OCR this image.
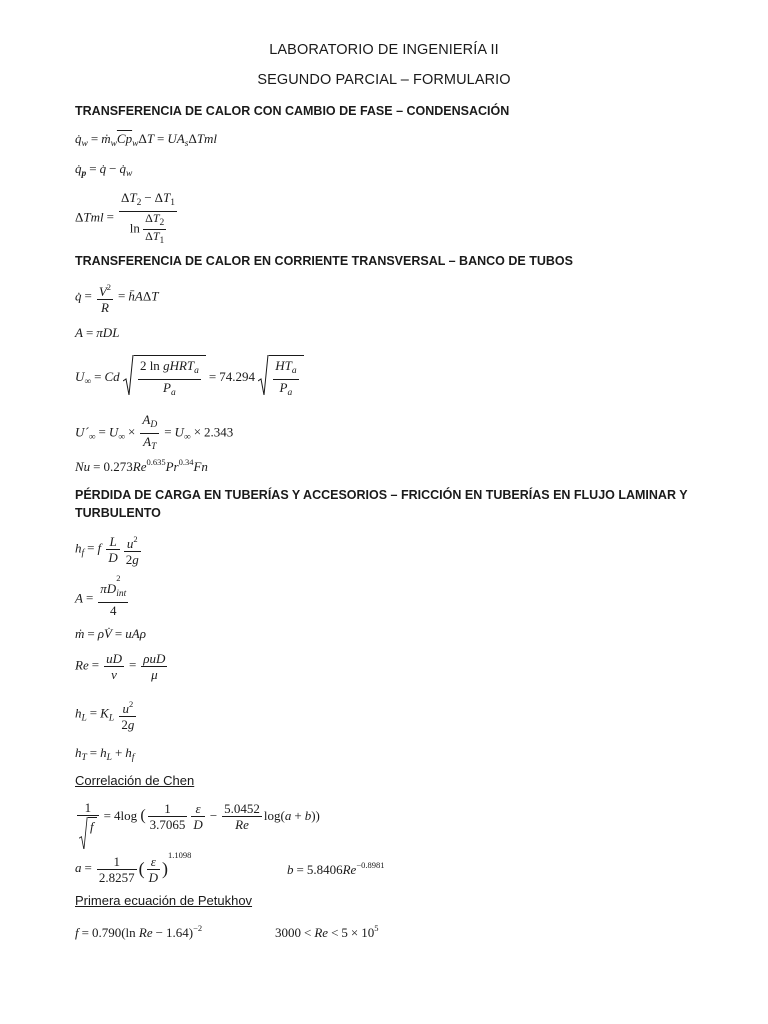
LABORATORIO DE INGENIERÍA II
SEGUNDO PARCIAL – FORMULARIO
TRANSFERENCIA DE CALOR CON CAMBIO DE FASE – CONDENSACIÓN
$q̇_w$ = $ṁ_w\overline{Cp}_w\Delta T = UA_s\Delta Tml$
$q̇_p$ = q̇ − $q̇_w$
$\Delta Tml = \frac{\Delta T_2 - \Delta T_1}{\ln \frac{\Delta T_2}{\Delta T_1}}$
TRANSFERENCIA DE CALOR EN CORRIENTE TRANSVERSAL – BANCO DE TUBOS
q̇ = $\frac{V^2}{R}$ = h̄AΔT
A = πDL
$U_\infty = Cd \frac{2 \ln gHRT_a}{P_a} = 74.294 \frac{HT_a}{P_a}$
$U´_\infty = U_\infty \times \frac{A_D}{A_T} = U_\infty \times 2.343$
$Nu = 0.273Re^{0.635}Pr^{0.34}Fn$
PÉRDIDA DE CARGA EN TUBERÍAS Y ACCESORIOS – FRICCIÓN EN TUBERÍAS EN FLUJO LAMINAR Y TURBULENTO
$h_f = f \frac{L}{D} \frac{u^2}{2g}$
A = πD
2
$_{int}$
4
ṁ = ρV̇ = uAρ
$Re = \frac{uD}{\nu} = \frac{\text{ρuD}}{\mu}$
$h_L = K_L \frac{u^2}{2g}$
$h_T = h_L + h_f$
Correlación de Chen
$\frac{1}{f} = 4\log$ ( $\frac{1}{3.7065} \frac{\varepsilon}{D} - \frac{5.0452}{Re} \log(a + b)$)
$a = \frac{1}{2.8257}$ ( $\frac{\varepsilon}{D} )^{1.1098}$
$b = 5.8406Re^{-0.8981}$
Primera ecuación de Petukhov
f = 0.790(ln Re − 1.64)$^{-2}$	$3000 < Re < 5 \times 10^5$
